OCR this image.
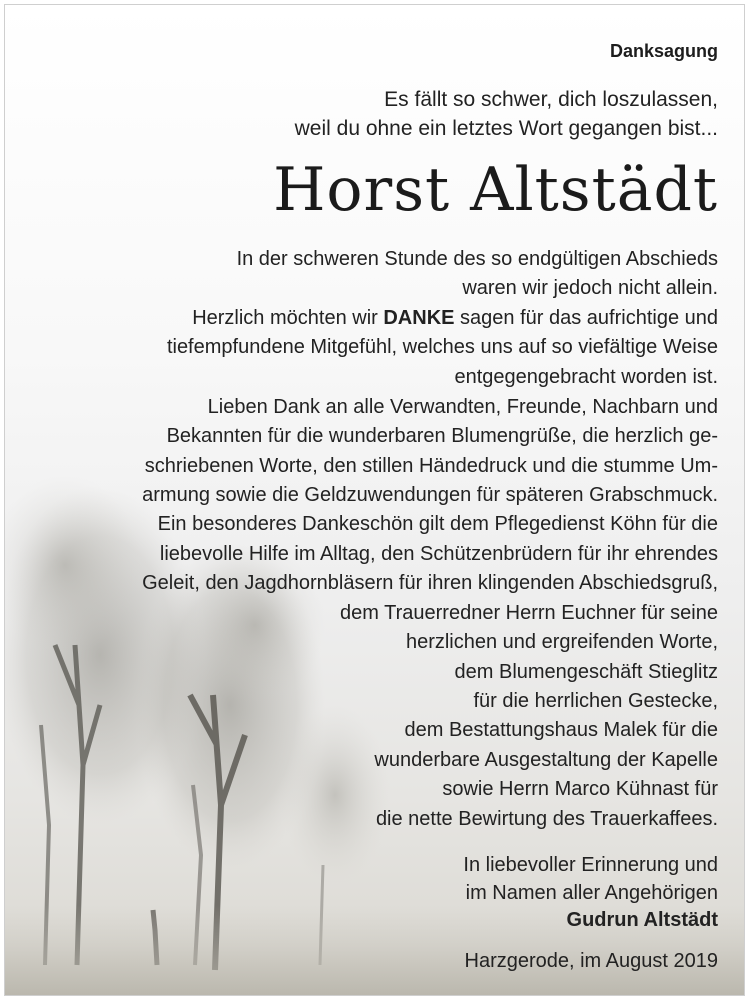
Danksagung
Es fällt so schwer, dich loszulassen,
weil du ohne ein letztes Wort gegangen bist...
Horst Altstädt
In der schweren Stunde des so endgültigen Abschieds
waren wir jedoch nicht allein.
Herzlich möchten wir DANKE sagen für das aufrichtige und
tiefempfundene Mitgefühl, welches uns auf so viefältige Weise
entgegengebracht worden ist.
Lieben Dank an alle Verwandten, Freunde, Nachbarn und
Bekannten für die wunderbaren Blumengrüße, die herzlich ge-
schriebenen Worte, den stillen Händedruck und die stumme Um-
armung sowie die Geldzuwendungen für späteren Grabschmuck.
Ein besonderes Dankeschön gilt dem Pflegedienst Köhn für die
liebevolle Hilfe im Alltag, den Schützenbrüdern für ihr ehrendes
Geleit, den Jagdhornbläsern für ihren klingenden Abschiedsgruß,
dem Trauerredner Herrn Euchner für seine
herzlichen und ergreifenden Worte,
dem Blumengeschäft Stieglitz
für die herrlichen Gestecke,
dem Bestattungshaus Malek für die
wunderbare Ausgestaltung der Kapelle
sowie Herrn Marco Kühnast für
die nette Bewirtung des Trauerkaffees.
In liebevoller Erinnerung und
im Namen aller Angehörigen
Gudrun Altstädt
Harzgerode, im August 2019
